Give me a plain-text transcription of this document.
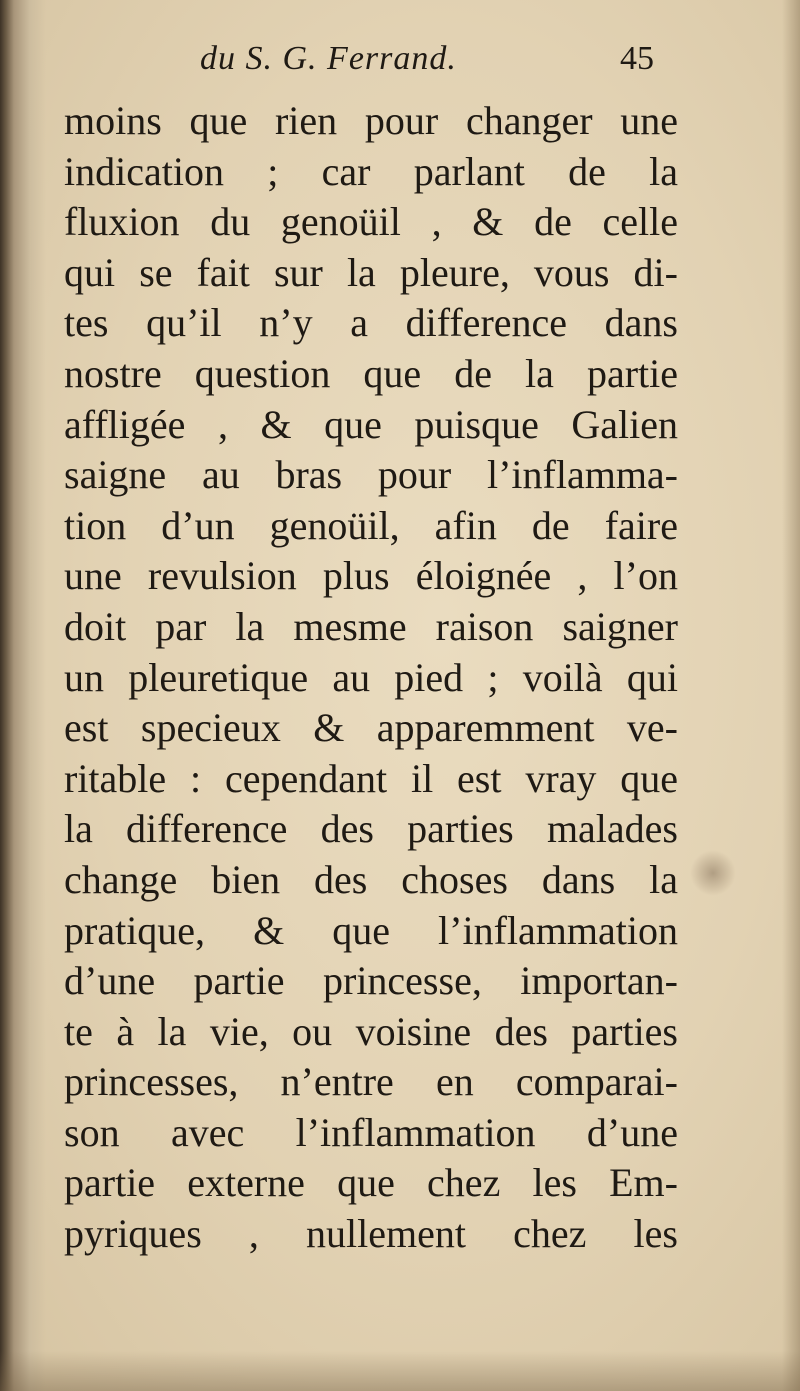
du S. G. Ferrand.	45
moins que rien pour changer une
indication ; car parlant de la
fluxion du genoüil , & de celle
qui se fait sur la pleure, vous di-
tes qu’il n’y a difference dans
nostre question que de la partie
affligée , & que puisque Galien
saigne au bras pour l’inflamma-
tion d’un genoüil, afin de faire
une revulsion plus éloignée , l’on
doit par la mesme raison saigner
un pleuretique au pied ; voilà qui
est specieux & apparemment ve-
ritable : cependant il est vray que
la difference des parties malades
change bien des choses dans la
pratique, & que l’inflammation
d’une partie princesse, importan-
te à la vie, ou voisine des parties
princesses, n’entre en comparai-
son avec l’inflammation d’une
partie externe que chez les Em-
pyriques , nullement chez les
